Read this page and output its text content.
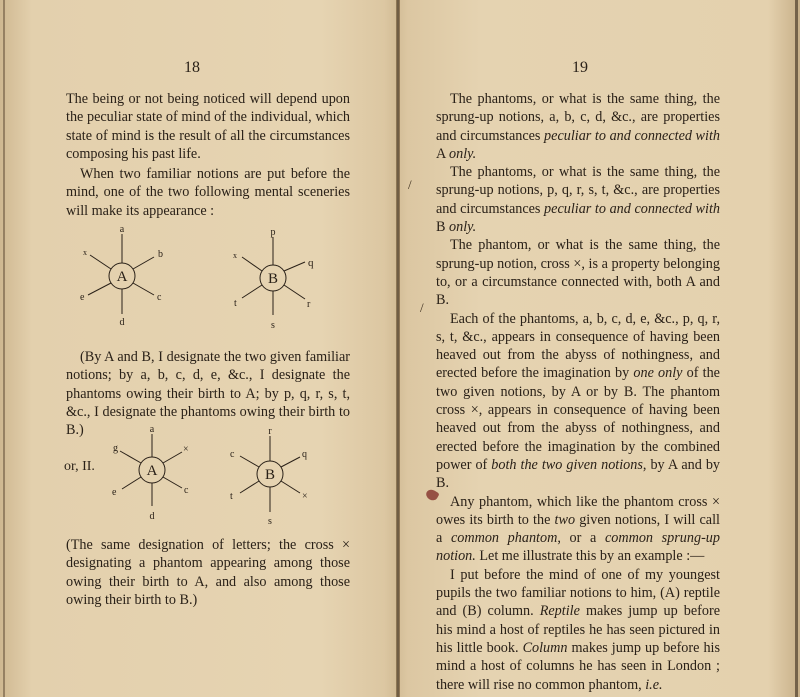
18

The being or not being noticed will depend upon the peculiar state of mind of the individual, which state of mind is the result of all the circumstances composing his past life.

When two familiar notions are put before the mind, one of the two following mental sceneries will make its appearance :

A
a
b
c
d
e
x
B
p
q
r
s
t
x

(By A and B, I designate the two given familiar notions; by a, b, c, d, e, &c., I designate the phantoms owing their birth to A; by p, q, r, s, t, &c., I designate the phantoms owing their birth to B.)

or, II.	A
a
×
c
d
e
g
B
r
q
×
s
t
c

(The same designation of letters; the cross × designating a phantom appearing among those owing their birth to A, and also among those owing their birth to B.)

19

The phantoms, or what is the same thing, the sprung-up notions, a, b, c, d, &c., are properties and circumstances peculiar to and connected with A only.

The phantoms, or what is the same thing, the sprung-up notions, p, q, r, s, t, &c., are properties and circumstances peculiar to and connected with B only.

The phantom, or what is the same thing, the sprung-up notion, cross ×, is a property belonging to, or a circumstance connected with, both A and B.

Each of the phantoms, a, b, c, d, e, &c., p, q, r, s, t, &c., appears in consequence of having been heaved out from the abyss of nothingness, and erected before the imagination by one only of the two given notions, by A or by B. The phantom cross ×, appears in consequence of having been heaved out from the abyss of nothingness, and erected before the imagination by the combined power of both the two given notions, by A and by B.

Any phantom, which like the phantom cross × owes its birth to the two given notions, I will call a common phantom, or a common sprung-up notion. Let me illustrate this by an example :—

I put before the mind of one of my youngest pupils the two familiar notions to him, (A) reptile and (B) column. Reptile makes jump up before his mind a host of reptiles he has seen pictured in his little book. Column makes jump up before his mind a host of columns he has seen in London ; there will rise no common phantom, i.e.

/
/
